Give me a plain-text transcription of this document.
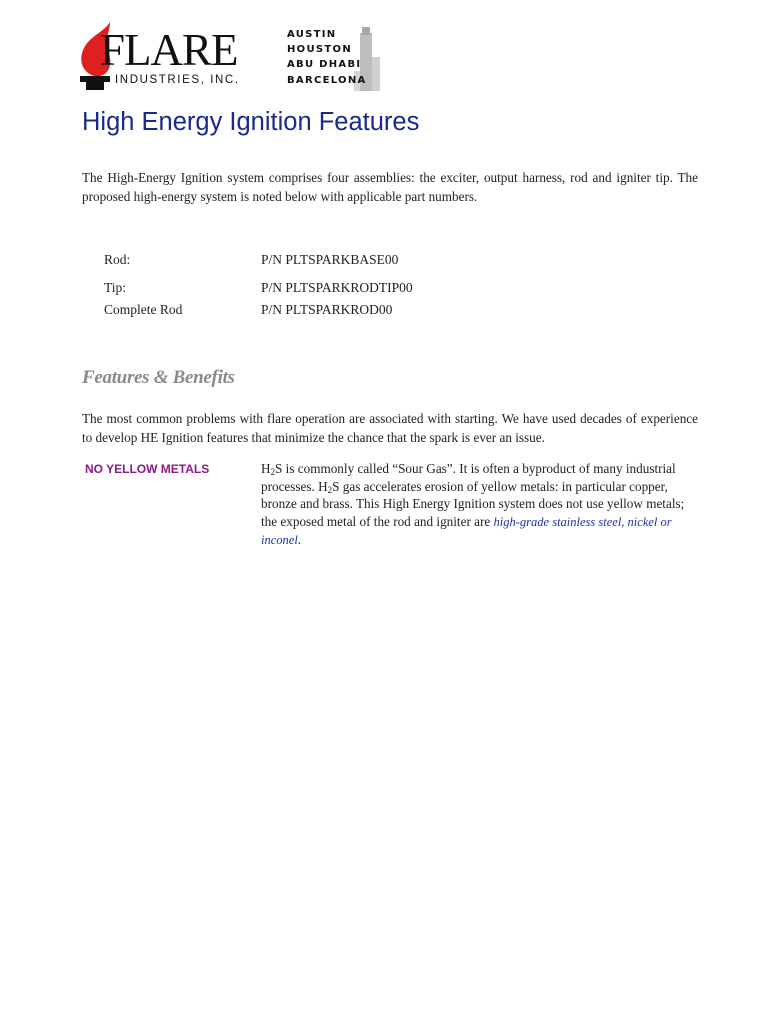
FLARE
INDUSTRIES, INC.
AUSTIN
HOUSTON
ABU DHABI
BARCELONA
High Energy Ignition Features

The High-Energy Ignition system comprises four assemblies: the exciter, output harness, rod and igniter tip. The proposed high-energy system is noted below with applicable part numbers.

Rod:	P/N PLTSPARKBASE00
Tip:	P/N PLTSPARKRODTIP00
Complete Rod	P/N PLTSPARKROD00
Features & Benefits

The most common problems with flare operation are associated with starting. We have used decades of experience to develop HE Ignition features that minimize the chance that the spark is ever an issue.

NO YELLOW METALS	$H_2S$ is commonly called “Sour Gas”. It is often a byproduct of many industrial processes. $H_2S$ gas accelerates erosion of yellow metals: in particular copper, bronze and brass. This High Energy Ignition system does not use yellow metals; the exposed metal of the rod and igniter are high-grade stainless steel, nickel or inconel.
